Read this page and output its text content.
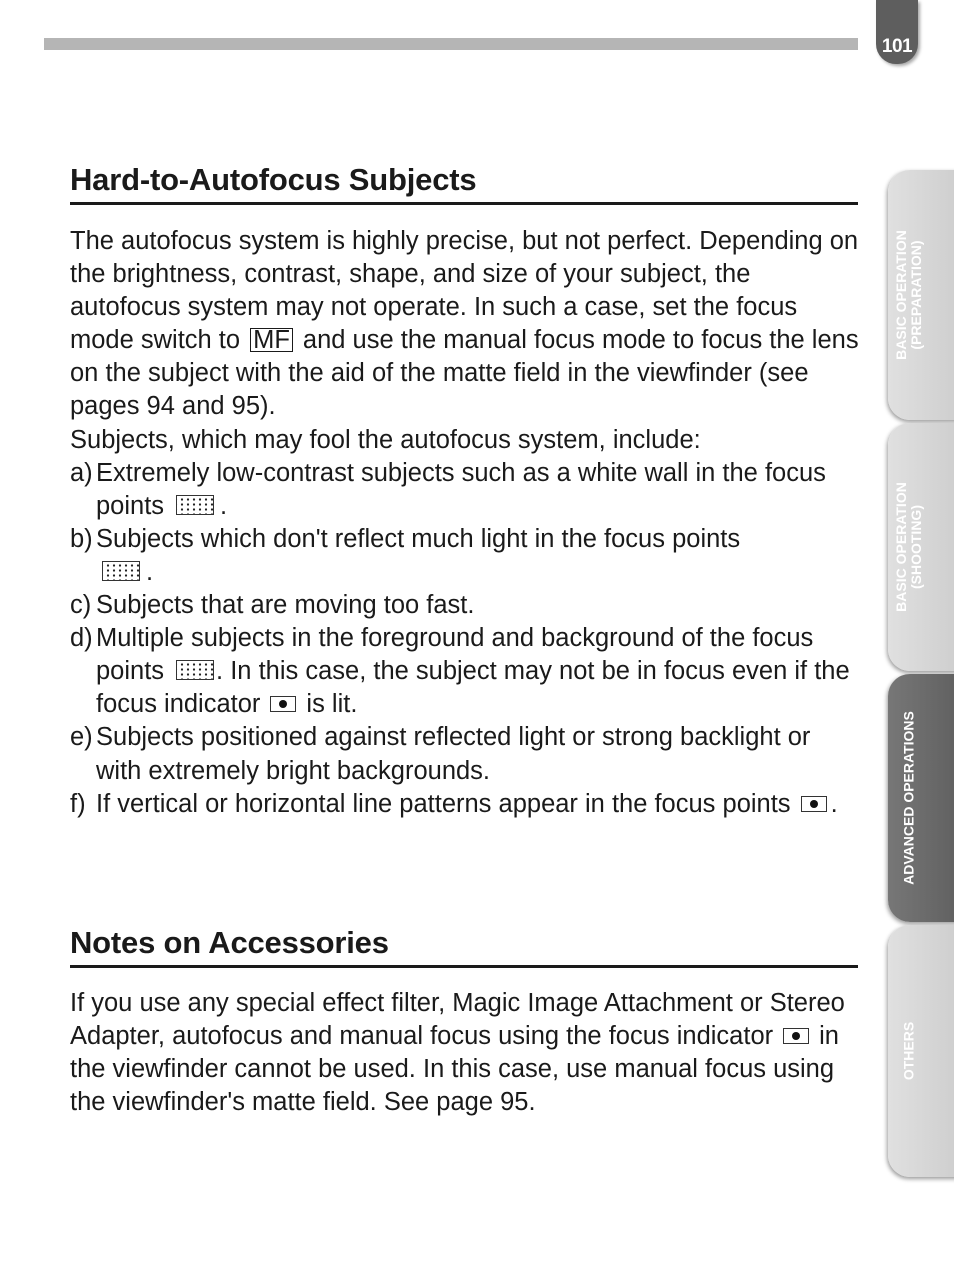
101
BASIC OPERATION (PREPARATION)
BASIC OPERATION (SHOOTING)
ADVANCED OPERATIONS
OTHERS
Hard-to-Autofocus Subjects

The autofocus system is highly precise, but not perfect. Depending on the brightness, contrast, shape, and size of your subject, the autofocus system may not operate. In such a case, set the focus mode switch to MF and use the manual focus mode to focus the lens on the subject with the aid of the matte field in the viewfinder (see pages 94 and 95).

Subjects, which may fool the autofocus system, include:

a) Extremely low-contrast subjects such as a white wall in the focus points .
b) Subjects which don't reflect much light in the focus points
.
c) Subjects that are moving too fast.
d) Multiple subjects in the foreground and background of the focus points . In this case, the subject may not be in focus even if the focus indicator is lit.
e) Subjects positioned against reflected light or strong backlight or with extremely bright backgrounds.
f) If vertical or horizontal line patterns appear in the focus points .
Notes on Accessories

If you use any special effect filter, Magic Image Attachment or Stereo Adapter, autofocus and manual focus using the focus indicator in the viewfinder cannot be used. In this case, use manual focus using the viewfinder's matte field. See page 95.
